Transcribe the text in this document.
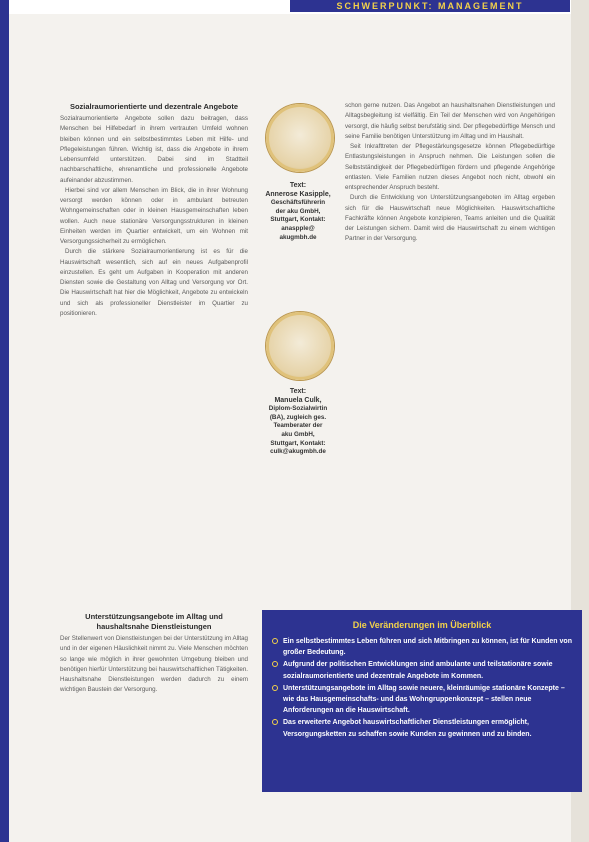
SCHWERPUNKT: MANAGEMENT
Sozialraumorientierte und dezentrale Angebote

Sozialraumorientierte Angebote sollen dazu beitragen, dass Menschen bei Hilfebedarf in ihrem vertrauten Umfeld wohnen bleiben können und ein selbstbestimmtes Leben mit Hilfe- und Pflegeleistungen führen. Wichtig ist, dass die Angebote in ihrem Lebensumfeld unterstützen. Dabei sind im Stadtteil nachbarschaftliche, ehrenamtliche und professionelle Angebote aufeinander abzustimmen.

Hierbei sind vor allem Menschen im Blick, die in ihrer Wohnung versorgt werden können oder in ambulant betreuten Wohngemeinschaften oder in kleinen Hausgemeinschaften leben wollen. Auch neue stationäre Versorgungsstrukturen in kleinen Einheiten werden im Quartier entwickelt, um ein Wohnen mit Versorgungssicherheit zu ermöglichen.

Durch die stärkere Sozialraumorientierung ist es für die Hauswirtschaft wesentlich, sich auf ein neues Aufgabenprofil einzustellen. Es geht um Aufgaben in Kooperation mit anderen Diensten sowie die Gestaltung von Alltag und Versorgung vor Ort. Die Hauswirtschaft hat hier die Möglichkeit, Angebote zu entwickeln und sich als professioneller Dienstleister im Quartier zu positionieren.

Unterstützungsangebote im Alltag und haushaltsnahe Dienstleistungen

Der Stellenwert von Dienstleistungen bei der Unterstützung im Alltag und in der eigenen Häuslichkeit nimmt zu. Viele Menschen möchten so lange wie möglich in ihrer gewohnten Umgebung bleiben und benötigen hierfür Unterstützung bei hauswirtschaftlichen Tätigkeiten. Haushaltsnahe Dienstleistungen werden dadurch zu einem wichtigen Baustein der Versorgung.

Text:
Annerose Kasipple,
Geschäftsführerin
der aku GmbH,
Stuttgart, Kontakt:
anaspple@
akugmbh.de
Text:
Manuela Culk,
Diplom-Sozialwirtin
(BA), zugleich ges.
Teamberater der
aku GmbH,
Stuttgart, Kontakt:
culk@akugmbh.de

schon gerne nutzen. Das Angebot an haushaltsnahen Dienstleistungen und Alltagsbegleitung ist vielfältig. Ein Teil der Menschen wird von Angehörigen versorgt, die häufig selbst berufstätig sind. Der pflegebedürftige Mensch und seine Familie benötigen Unterstützung im Alltag und im Haushalt.

Seit Inkrafttreten der Pflegestärkungsgesetze können Pflegebedürftige Entlastungsleistungen in Anspruch nehmen. Die Leistungen sollen die Selbstständigkeit der Pflegebedürftigen fördern und pflegende Angehörige entlasten. Viele Familien nutzen dieses Angebot noch nicht, obwohl ein entsprechender Anspruch besteht.

Durch die Entwicklung von Unterstützungsangeboten im Alltag ergeben sich für die Hauswirtschaft neue Möglichkeiten. Hauswirtschaftliche Fachkräfte können Angebote konzipieren, Teams anleiten und die Qualität der Leistungen sichern. Damit wird die Hauswirtschaft zu einem wichtigen Partner in der Versorgung.

Die Veränderungen im Überblick
Ein selbstbestimmtes Leben führen und sich Mitbringen zu können, ist für Kunden von großer Bedeutung.
Aufgrund der politischen Entwicklungen sind ambulante und teilstationäre sowie sozialraumorientierte und dezentrale Angebote im Kommen.
Unterstützungsangebote im Alltag sowie neuere, kleinräumige stationäre Konzepte – wie das Hausgemeinschafts- und das Wohngruppenkonzept – stellen neue Anforderungen an die Hauswirtschaft.
Das erweiterte Angebot hauswirtschaftlicher Dienstleistungen ermöglicht, Versorgungsketten zu schaffen sowie Kunden zu gewinnen und zu binden.
